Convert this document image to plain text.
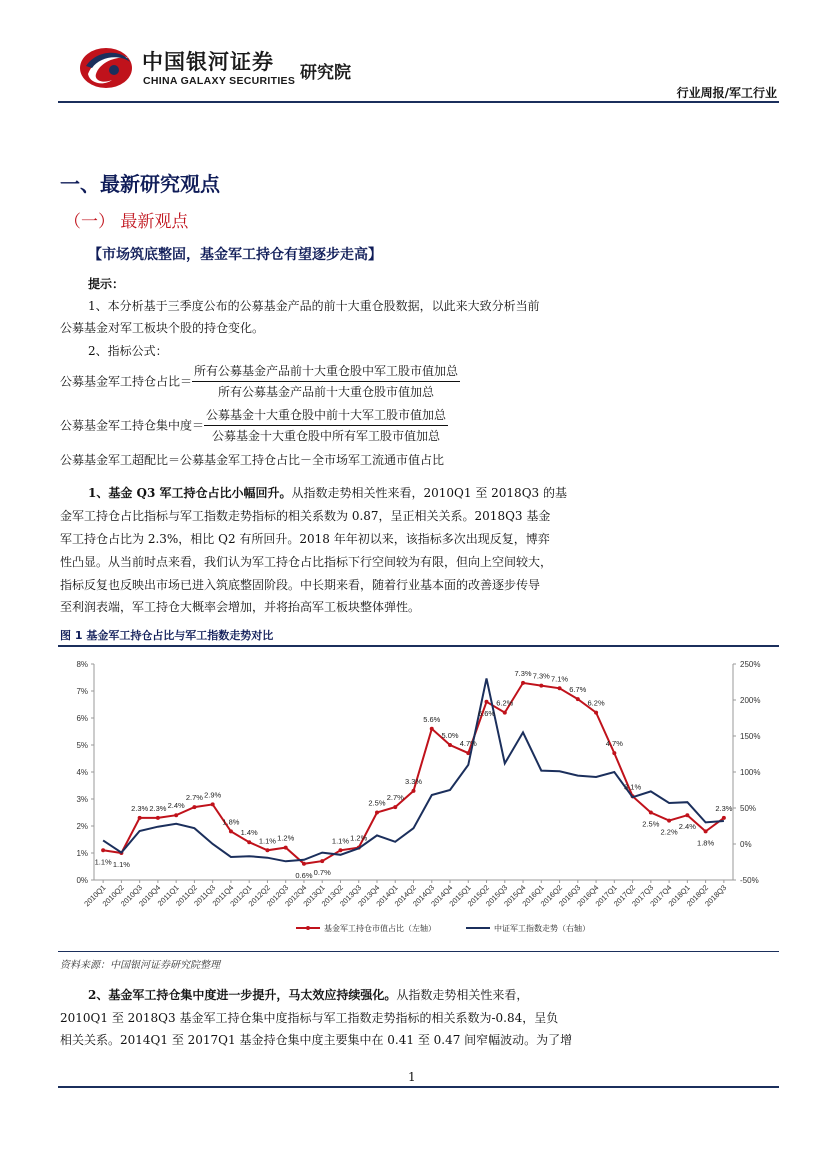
中国银河证券
CHINA GALAXY SECURITIES 研究院
行业周报/军工行业
一、最新研究观点
（一） 最新观点
【市场筑底整固，基金军工持仓有望逐步走高】
提示：
1、本分析基于三季度公布的公募基金产品的前十大重仓股数据，以此来大致分析当前
公募基金对军工板块个股的持仓变化。
2、指标公式：
公募基金军工持仓占比＝ $\frac{\text{所有公募基金产品前十大重仓股中军工股市值加总}}{\text{所有公募基金产品前十大重仓股市值加总}}$
公募基金军工持仓集中度＝ $\frac{\text{公募基金十大重仓股中前十大军工股市值加总}}{\text{公募基金十大重仓股中所有军工股市值加总}}$
公募基金军工超配比＝公募基金军工持仓占比－全市场军工流通市值占比
1、基金 Q3 军工持仓占比小幅回升。从指数走势相关性来看，2010Q1 至 2018Q3 的基
金军工持仓占比指标与军工指数走势指标的相关系数为 0.87，呈正相关关系。2018Q3 基金
军工持仓占比为 2.3%，相比 Q2 有所回升。2018 年年初以来，该指标多次出现反复，博弈
性凸显。从当前时点来看，我们认为军工持仓占比指标下行空间较为有限，但向上空间较大，
指标反复也反映出市场已进入筑底整固阶段。中长期来看，随着行业基本面的改善逐步传导
至利润表端，军工持仓大概率会增加，并将抬高军工板块整体弹性。
图 1 基金军工持仓占比与军工指数走势对比
0%
1%
2%
3%
4%
5%
6%
7%
8%
-50%
0%
50%
100%
150%
200%
250%
2010Q1
2010Q2
2010Q3
2010Q4
2011Q1
2011Q2
2011Q3
2011Q4
2012Q1
2012Q2
2012Q3
2012Q4
2013Q1
2013Q2
2013Q3
2013Q4
2014Q1
2014Q2
2014Q3
2014Q4
2015Q1
2015Q2
2015Q3
2015Q4
2016Q1
2016Q2
2016Q3
2016Q4
2017Q1
2017Q2
2017Q3
2017Q4
2018Q1
2018Q2
2018Q3
1.1% 1.1%
2.3% 2.3% 2.4%
2.7% 2.9%
1.8%
1.4%
1.1% 1.2%
0.6% 0.7%
1.1% 1.2%
2.5%
2.7%
3.3%
5.6%
5.0%
4.7%
6.6%
6.2%
7.3% 7.3% 7.1%
6.7%
6.2%
4.7%
3.1%
2.5%
2.2%
2.4%
1.8%
2.3%
基金军工持仓市值占比（左轴）	中证军工指数走势（右轴）
资料来源：中国银河证券研究院整理
2、基金军工持仓集中度进一步提升，马太效应持续强化。从指数走势相关性来看，
2010Q1 至 2018Q3 基金军工持仓集中度指标与军工指数走势指标的相关系数为-0.84，呈负
相关关系。2014Q1 至 2017Q1 基金持仓集中度主要集中在 0.41 至 0.47 间窄幅波动。为了增
1
